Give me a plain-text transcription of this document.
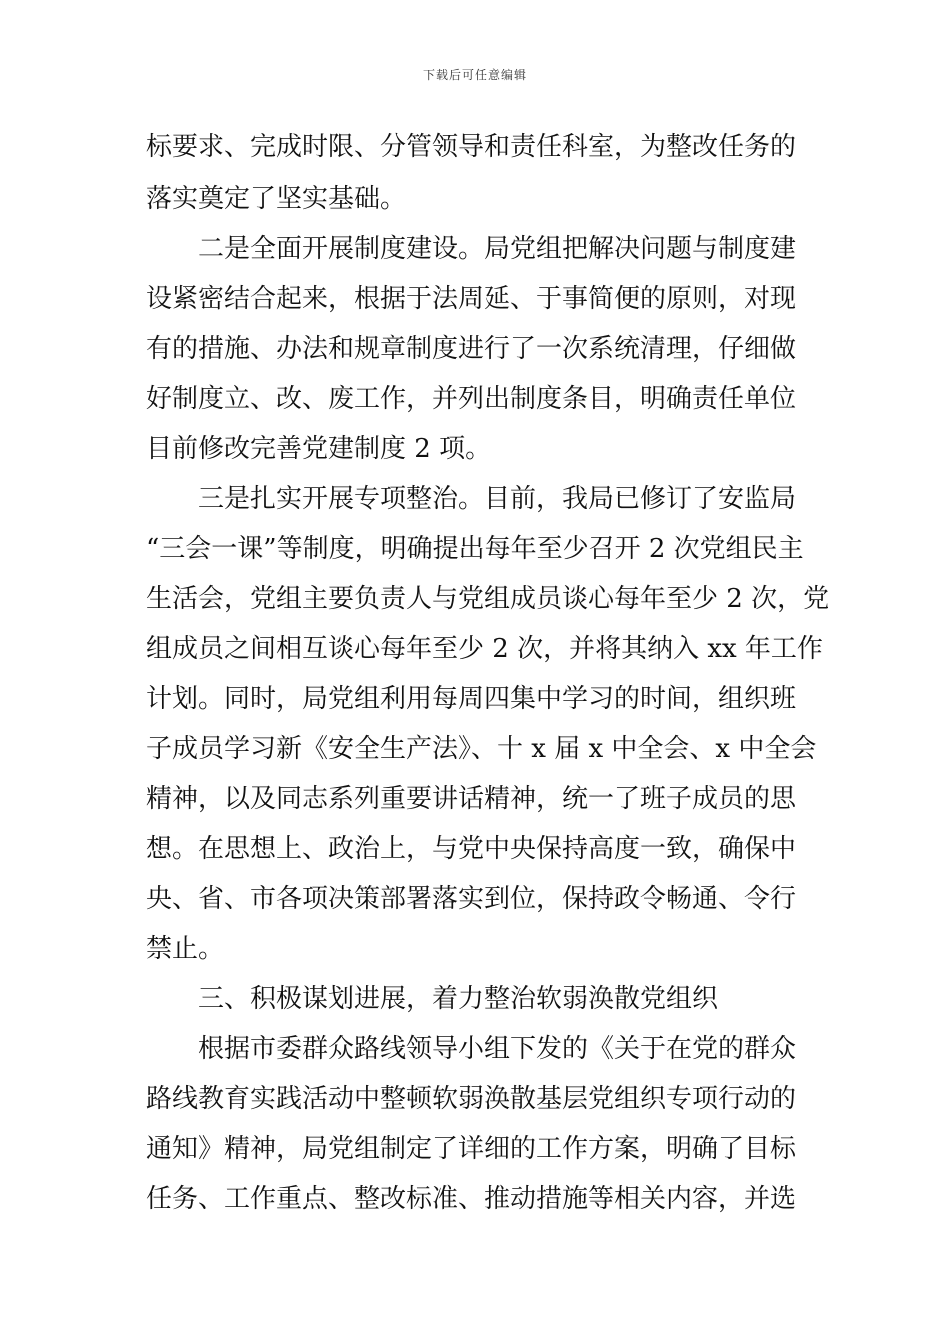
下载后可任意编辑
标要求、完成时限、分管领导和责任科室，为整改任务的
落实奠定了坚实基础。
二是全面开展制度建设。局党组把解决问题与制度建
设紧密结合起来，根据于法周延、于事简便的原则，对现
有的措施、办法和规章制度进行了一次系统清理，仔细做
好制度立、改、废工作，并列出制度条目，明确责任单位
目前修改完善党建制度 2 项。
三是扎实开展专项整治。目前，我局已修订了安监局
“三会一课”等制度，明确提出每年至少召开 2 次党组民主
生活会，党组主要负责人与党组成员谈心每年至少 2 次，党
组成员之间相互谈心每年至少 2 次，并将其纳入 xx 年工作
计划。同时，局党组利用每周四集中学习的时间，组织班
子成员学习新《安全生产法》、十 x 届 x 中全会、x 中全会
精神，以及同志系列重要讲话精神，统一了班子成员的思
想。在思想上、政治上，与党中央保持高度一致，确保中
央、省、市各项决策部署落实到位，保持政令畅通、令行
禁止。
三、积极谋划进展，着力整治软弱涣散党组织
根据市委群众路线领导小组下发的《关于在党的群众
路线教育实践活动中整顿软弱涣散基层党组织专项行动的
通知》精神，局党组制定了详细的工作方案，明确了目标
任务、工作重点、整改标准、推动措施等相关内容，并选
